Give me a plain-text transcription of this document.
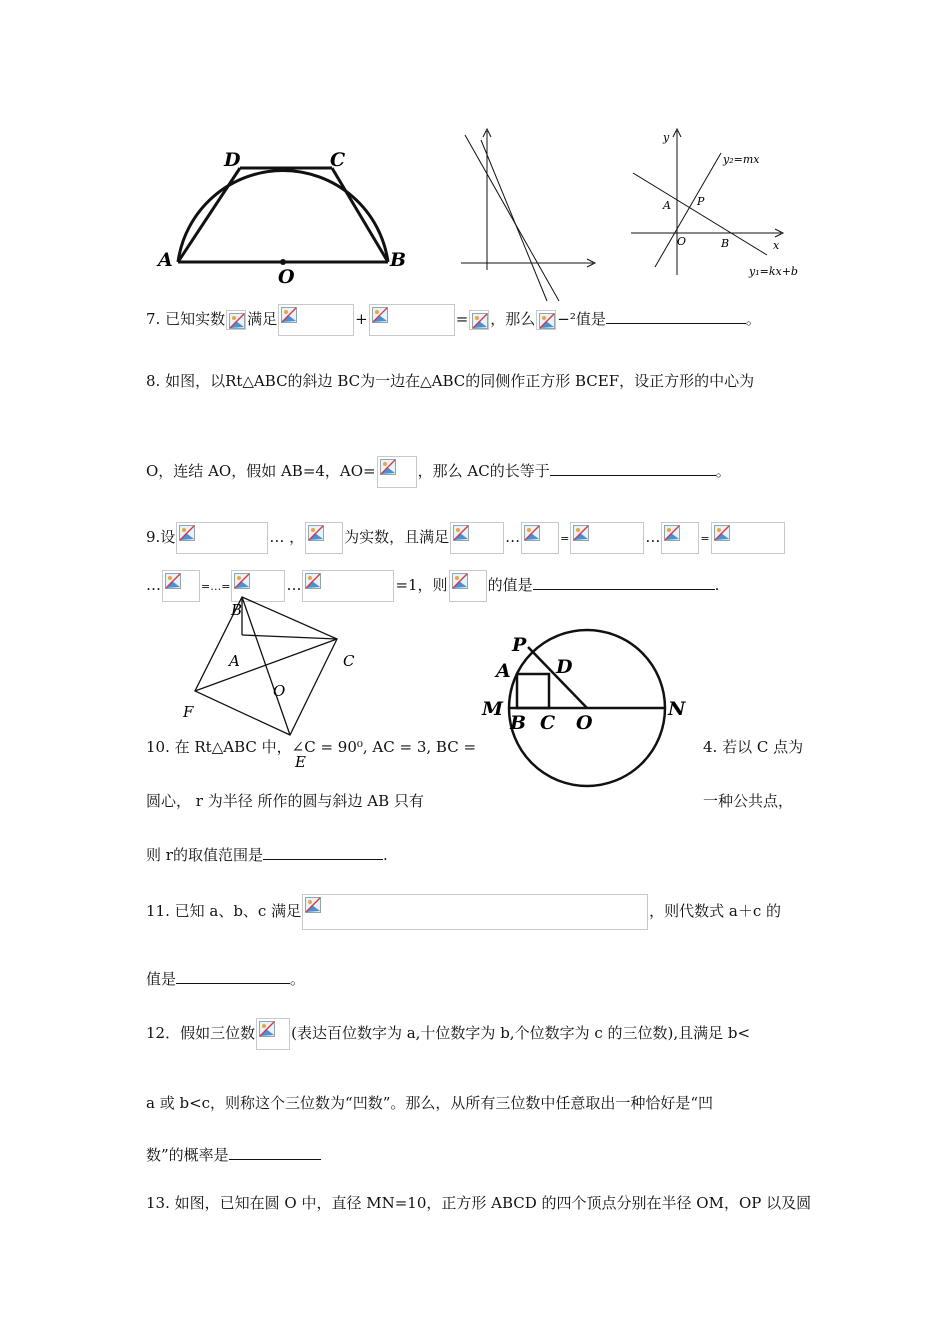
D	C
A
O
B
y
x
y₂=mx
A P
O	B
y₁=kx+b
7. 已知实数 满足	+	= ，那么 −²值是	。
8. 如图，以Rt△ABC的斜边 BC为一边在△ABC的同侧作正方形 BCEF，设正方形的中心为
O，连结 AO，假如 AB=4，AO=	，那么 AC的长等于	。
9.设	… ，	为实数，且满足	…	=	…	=
…	=…=	…	=1，则	的值是	.
B
A	C
O
F
E
P
A D
M
B C O
N
10. 在 Rt△ABC 中，∠C = 90⁰, AC = 3, BC =	4. 若以 C 点为
圆心， r 为半径 所作的圆与斜边 AB 只有	一种公共点，
则 r的取值范围是	.
11. 已知 a、b、c 满足	，则代数式 a＋c 的
值是	。
12．假如三位数 (表达百位数字为 a,十位数字为 b,个位数字为 c 的三位数),且满足 b<
a 或 b<c，则称这个三位数为“凹数”。那么，从所有三位数中任意取出一种恰好是“凹
数”的概率是
13. 如图，已知在圆 O 中，直径 MN=10，正方形 ABCD 的四个顶点分别在半径 OM，OP 以及圆
